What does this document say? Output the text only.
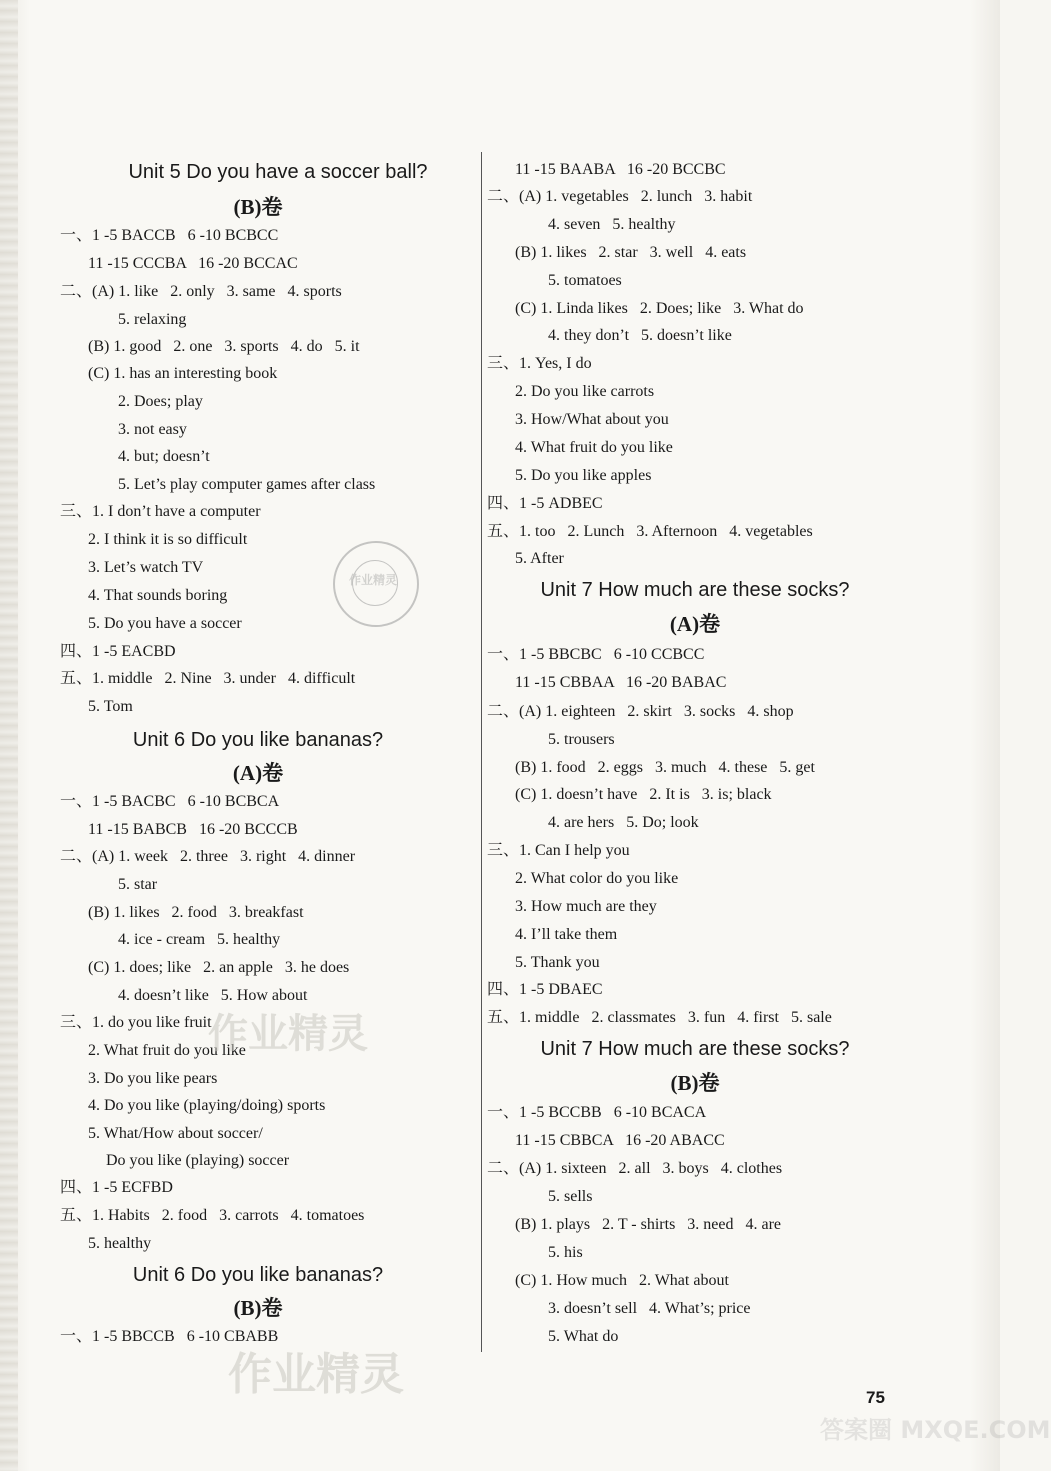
Unit 5 Do you have a soccer ball?
(B)卷
一、1 -5 BACCB   6 -10 BCBCC
11 -15 CCCBA   16 -20 BCCAC
二、(A) 1. like   2. only   3. same   4. sports
5. relaxing
(B) 1. good   2. one   3. sports   4. do   5. it
(C) 1. has an interesting book
2. Does; play
3. not easy
4. but; doesn’t
5. Let’s play computer games after class
三、1. I don’t have a computer
2. I think it is so difficult
3. Let’s watch TV
4. That sounds boring
5. Do you have a soccer
四、1 -5 EACBD
五、1. middle   2. Nine   3. under   4. difficult
5. Tom
Unit 6 Do you like bananas?
(A)卷
一、1 -5 BACBC   6 -10 BCBCA
11 -15 BABCB   16 -20 BCCCB
二、(A) 1. week   2. three   3. right   4. dinner
5. star
(B) 1. likes   2. food   3. breakfast
4. ice - cream   5. healthy
(C) 1. does; like   2. an apple   3. he does
4. doesn’t like   5. How about
三、1. do you like fruit
2. What fruit do you like
3. Do you like pears
4. Do you like (playing/doing) sports
5. What/How about soccer/
Do you like (playing) soccer
四、1 -5 ECFBD
五、1. Habits   2. food   3. carrots   4. tomatoes
5. healthy
Unit 6 Do you like bananas?
(B)卷
一、1 -5 BBCCB   6 -10 CBABB
11 -15 BAABA   16 -20 BCCBC
二、(A) 1. vegetables   2. lunch   3. habit
4. seven   5. healthy
(B) 1. likes   2. star   3. well   4. eats
5. tomatoes
(C) 1. Linda likes   2. Does; like   3. What do
4. they don’t   5. doesn’t like
三、1. Yes, I do
2. Do you like carrots
3. How/What about you
4. What fruit do you like
5. Do you like apples
四、1 -5 ADBEC
五、1. too   2. Lunch   3. Afternoon   4. vegetables
5. After
Unit 7 How much are these socks?
(A)卷
一、1 -5 BBCBC   6 -10 CCBCC
11 -15 CBBAA   16 -20 BABAC
二、(A) 1. eighteen   2. skirt   3. socks   4. shop
5. trousers
(B) 1. food   2. eggs   3. much   4. these   5. get
(C) 1. doesn’t have   2. It is   3. is; black
4. are hers   5. Do; look
三、1. Can I help you
2. What color do you like
3. How much are they
4. I’ll take them
5. Thank you
四、1 -5 DBAEC
五、1. middle   2. classmates   3. fun   4. first   5. sale
Unit 7 How much are these socks?
(B)卷
一、1 -5 BCCBB   6 -10 BCACA
11 -15 CBBCA   16 -20 ABACC
二、(A) 1. sixteen   2. all   3. boys   4. clothes
5. sells
(B) 1. plays   2. T - shirts   3. need   4. are
5. his
(C) 1. How much   2. What about
3. doesn’t sell   4. What’s; price
5. What do
作业精灵
作业精灵
作业精灵	75
答案圈 MXQE.COM
